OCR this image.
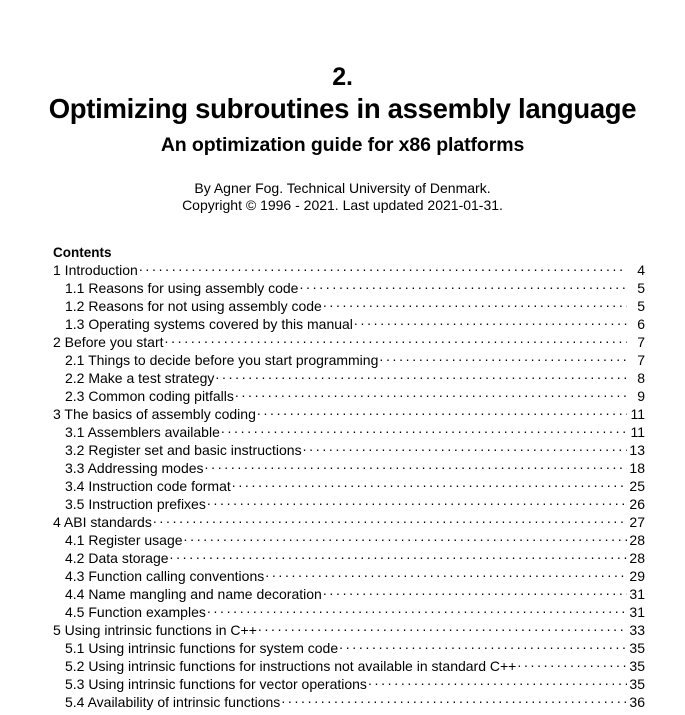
2.
Optimizing subroutines in assembly language
An optimization guide for x86 platforms
By Agner Fog. Technical University of Denmark.
Copyright © 1996 - 2021. Last updated 2021-01-31.
Contents
1 Introduction . . .	4
1.1 Reasons for using assembly code . . .	5
1.2 Reasons for not using assembly code . . .	5
1.3 Operating systems covered by this manual . . .	6
2 Before you start . . .	7
2.1 Things to decide before you start programming . . .	7
2.2 Make a test strategy . . .	8
2.3 Common coding pitfalls . . .	9
3 The basics of assembly coding . . .	11
3.1 Assemblers available . . .	11
3.2 Register set and basic instructions . . .	13
3.3 Addressing modes . . .	18
3.4 Instruction code format . . .	25
3.5 Instruction prefixes . . .	26
4 ABI standards . . .	27
4.1 Register usage . . .	28
4.2 Data storage . . .	28
4.3 Function calling conventions . . .	29
4.4 Name mangling and name decoration . . .	31
4.5 Function examples . . .	31
5 Using intrinsic functions in C++ . . .	33
5.1 Using intrinsic functions for system code . . .	35
5.2 Using intrinsic functions for instructions not available in standard C++ . . .	35
5.3 Using intrinsic functions for vector operations . . .	35
5.4 Availability of intrinsic functions . . .	36
